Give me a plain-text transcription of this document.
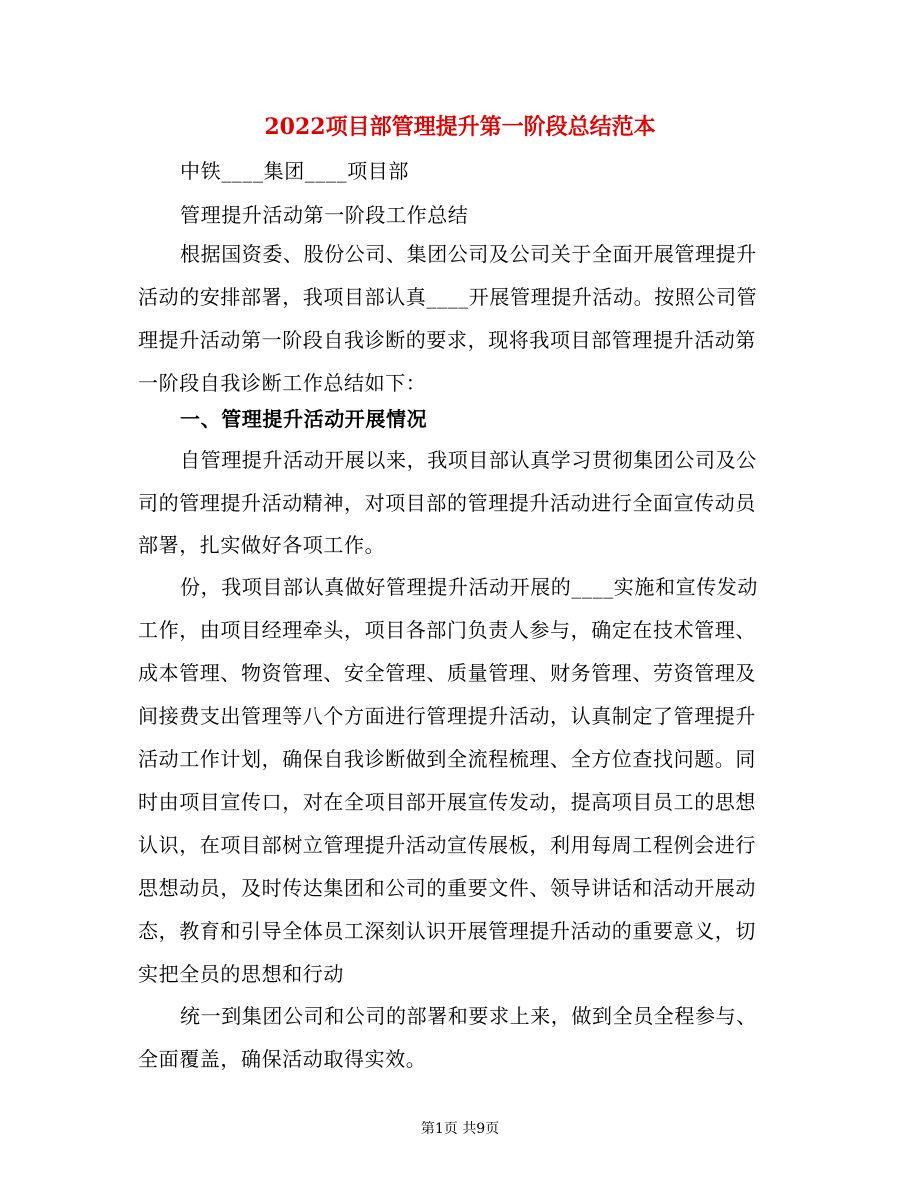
2022项目部管理提升第一阶段总结范本
中铁____集团____项目部
管理提升活动第一阶段工作总结
根据国资委、股份公司、集团公司及公司关于全面开展管理提升
活动的安排部署，我项目部认真____开展管理提升活动。按照公司管
理提升活动第一阶段自我诊断的要求，现将我项目部管理提升活动第
一阶段自我诊断工作总结如下：
一、管理提升活动开展情况
自管理提升活动开展以来，我项目部认真学习贯彻集团公司及公
司的管理提升活动精神，对项目部的管理提升活动进行全面宣传动员
部署，扎实做好各项工作。
份，我项目部认真做好管理提升活动开展的____实施和宣传发动
工作，由项目经理牵头，项目各部门负责人参与，确定在技术管理、
成本管理、物资管理、安全管理、质量管理、财务管理、劳资管理及
间接费支出管理等八个方面进行管理提升活动，认真制定了管理提升
活动工作计划，确保自我诊断做到全流程梳理、全方位查找问题。同
时由项目宣传口，对在全项目部开展宣传发动，提高项目员工的思想
认识，在项目部树立管理提升活动宣传展板，利用每周工程例会进行
思想动员，及时传达集团和公司的重要文件、领导讲话和活动开展动
态，教育和引导全体员工深刻认识开展管理提升活动的重要意义，切
实把全员的思想和行动
统一到集团公司和公司的部署和要求上来，做到全员全程参与、
全面覆盖，确保活动取得实效。
第1页 共9页
